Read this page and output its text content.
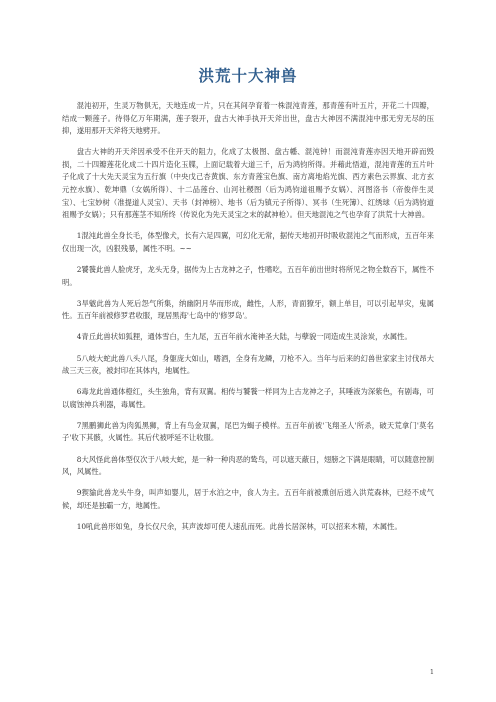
洪荒十大神兽

混沌初开，生灵万物俱无，天地连成一片，只在其间孕育着一株混沌青莲，那青莲有叶五片，开花二十四瓣，结成一颗莲子。待得亿万年期满，莲子裂开，盘古大神手执开天斧出世，盘古大神因不满混沌中那无穷无尽的压抑，遂用那开天斧将天地劈开。

盘古大神的开天斧因承受不住开天的阻力，化成了太极图、盘古幡、混沌钟！而混沌青莲亦因天地开辟而毁损，二十四瓣莲花化成二十四片造化玉牒，上面记载着大道三千，后为鸿钧所得。并藉此悟道，混沌青莲的五片叶子化成了十大先天灵宝为五行旗（中央戊己杏黄旗、东方青莲宝色旗、南方离地焰光旗、西方素色云界旗、北方玄元控水旗）、乾坤鼎（女娲所得）、十二品莲台、山河社稷图（后为鸿钧道祖赐予女娲）、河图洛书（帝俊伴生灵宝）、七宝妙树（准提道人灵宝）、天书（封神榜）、地书（后为镇元子所得）、冥书（生死簿）、红绣球（后为鸿钧道祖赐予女娲）；只有那莲茎不知所终（传说化为先天灵宝之末的弑神枪）。但天地混沌之气也孕育了洪荒十大神兽。

1混沌此兽全身长毛，体型像犬，长有六足四翼，可幻化无常，据传天地初开时吸收混沌之气而形成，五百年来仅出现一次，凶狠残暴，属性不明。~~

2饕餮此兽人脸虎牙，龙头无身，据传为上古龙神之子，性嗜吃，五百年前出世时将所见之物全数吞下，属性不明。

3旱魃此兽为人死后怨气所集，纳幽阴月华而形成，雌性，人形，青面獠牙，额上单目，可以引起旱灾，鬼属性。五百年前被修罗君收服，现居黑海'七岛中的'修罗岛'。

4青丘此兽状如狐狸，通体雪白，生九尾，五百年前水淹神圣大陆，与孽貌一同造成生灵涂炭，水属性。

5八岐大蛇此兽八头八尾，身躯庞大如山，嗜酒，全身有龙鳞，刀枪不入。当年与后来的幻兽世家家主讨伐昂大战三天三夜，被封印在其体内，地属性。

6毒龙此兽通体橙红，头生独角，背有双翼。相传与饕餮一样同为上古龙神之子，其唾液为深紫色，有剧毒，可以腐蚀神兵利器，毒属性。

7黑鹏狮此兽为肉狐黑狮，背上有鸟金双翼，尾巴为蝎子模样。五百年前被'飞翔圣人'所杀，破天荒拿门'莫名子'收下其骸，火属性。其后代被呼延不让收服。

8大风怪此兽体型仅次于八岐大蛇，是一种一种肉恶的鸷鸟，可以遮天蔽日，翅膀之下满是眼睛，可以随意控制风，风属性。

9猰貐此兽龙头牛身，叫声如婴儿，居于水泊之中，食人为主。五百年前被熏创后逃入洪荒森林，已经不成气候，却还是独霸一方，地属性。

10吼此兽形如兔，身长仅尺余，其声波却可使人速乱而死。此兽长居深林，可以招来木精，木属性。

1
